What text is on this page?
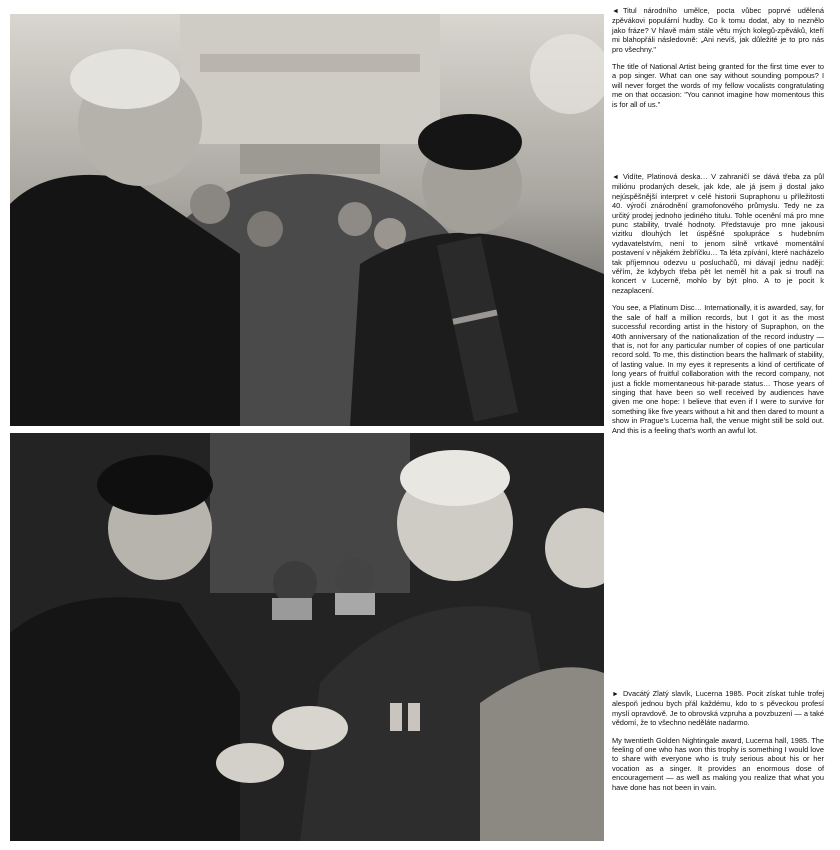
◄ Titul národního umělce, pocta vůbec poprvé udělená zpěvákovi populární hudby. Co k tomu dodat, aby to neznělo jako fráze? V hlavě mám stále větu mých kolegů-zpěváků, kteří mi blahopřáli následovně: „Ani nevíš, jak důležité je to pro nás pro všechny."

The title of National Artist being granted for the first time ever to a pop singer. What can one say without sounding pompous? I will never forget the words of my fellow vocalists congratulating me on that occasion: "You cannot imagine how momentous this is for all of us."

◄ Vidíte, Platinová deska… V zahraničí se dává třeba za půl miliónu prodaných desek, jak kde, ale já jsem ji dostal jako nejúspěšnější interpret v celé historii Supraphonu u příležitosti 40. výročí znárodnění gramofonového průmyslu. Tedy ne za určitý prodej jednoho jediného titulu. Tohle ocenění má pro mne punc stability, trvalé hodnoty. Představuje pro mne jakousi vizitku dlouhých let úspěšné spolupráce s hudebním vydavatelstvím, není to jenom silně vrtkavé momentální postavení v nějakém žebříčku… Ta léta zpívání, které nacházelo tak příjemnou odezvu u posluchačů, mi dávají jednu naději: věřím, že kdybych třeba pět let neměl hit a pak si troufl na koncert v Lucerně, mohlo by být plno. A to je pocit k nezaplacení.

You see, a Platinum Disc… Internationally, it is awarded, say, for the sale of half a million records, but I got it as the most successful recording artist in the history of Supraphon, on the 40th anniversary of the nationalization of the record industry — that is, not for any particular number of copies of one particular record sold. To me, this distinction bears the hallmark of stability, of lasting value. In my eyes it represents a kind of certificate of long years of fruitful collaboration with the record company, not just a fickle momentaneous hit-parade status… Those years of singing that have been so well received by audiences have given me one hope: I believe that even if I were to survive for something like five years without a hit and then dared to mount a show in Prague's Lucerna hall, the venue might still be sold out. And this is a feeling that's worth an awful lot.

► Dvacátý Zlatý slavík, Lucerna 1985. Pocit získat tuhle trofej alespoň jednou bych přál každému, kdo to s pěveckou profesí myslí opravdově. Je to obrovská vzpruha a povzbuzení — a také vědomí, že to všechno neděláte nadarmo.

My twentieth Golden Nightingale award, Lucerna hall, 1985. The feeling of one who has won this trophy is something I would love to share with everyone who is truly serious about his or her vocation as a singer. It provides an enormous dose of encouragement — as well as making you realize that what you have done has not been in vain.
